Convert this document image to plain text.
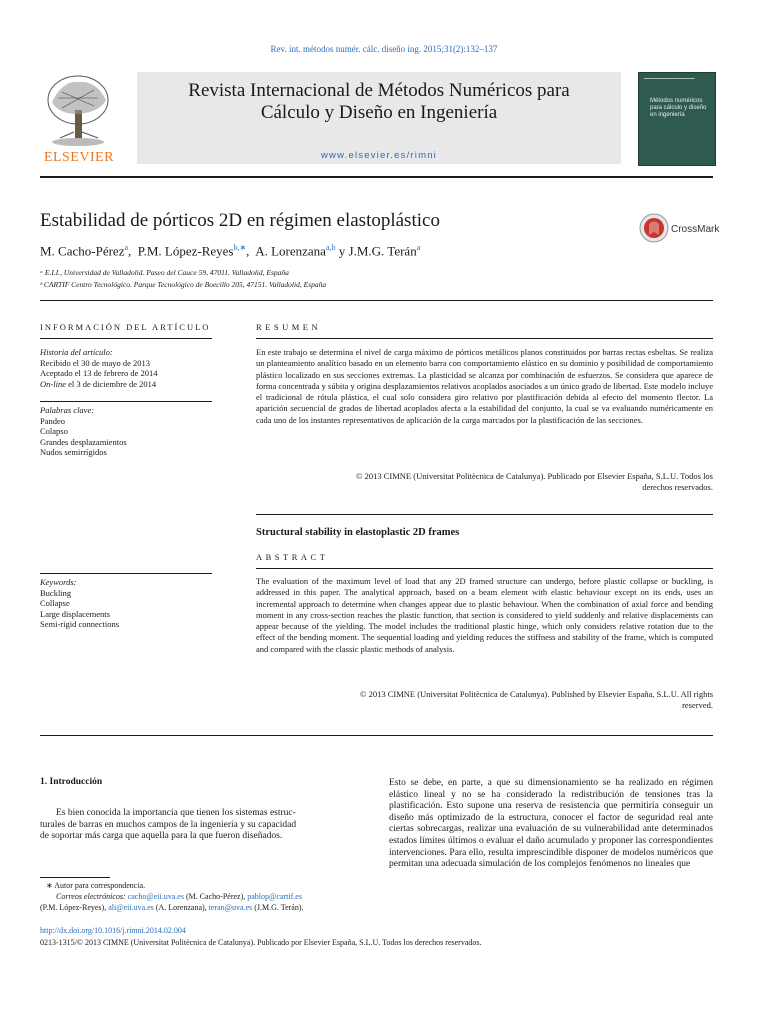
Rev. int. métodos numér. cálc. diseño ing. 2015;31(2):132–137
ELSEVIER
Revista Internacional de Métodos Numéricos para
Cálculo y Diseño en Ingeniería
www.elsevier.es/rimni
━━━━━━━━━━━━━━━━━━━━━
Métodos numéricos para cálculo y diseño en ingeniería
Estabilidad de pórticos 2D en régimen elastoplástico	CrossMark
M. Cacho-Pérez$^a$,  P.M. López-Reyes$^{b,∗}$,  A. Lorenzana$^{a,b}$ y J.M.G. Terán$^a$
ᵃ E.I.I., Universidad de Valladolid. Paseo del Cauce 59, 47011. Valladolid, España
ᵇ CARTIF Centro Tecnológico. Parque Tecnológico de Boecillo 205, 47151. Valladolid, España
INFORMACIÓN DEL ARTÍCULO
Historia del artículo:
Recibido el 30 de mayo de 2013
Aceptado el 13 de febrero de 2014
On-line el 3 de diciembre de 2014
Palabras clave:
Pandeo
Colapso
Grandes desplazamientos
Nudos semirrígidos
Keywords:
Buckling
Collapse
Large displacements
Semi-rigid connections
RESUMEN
En este trabajo se determina el nivel de carga máximo de pórticos metálicos planos constituidos por barras rectas esbeltas. Se realiza un planteamiento analítico basado en un elemento barra con comportamiento elástico en su dominio y posibilidad de comportamiento plástico localizado en sus secciones extremas. La plasticidad se alcanza por combinación de esfuerzos. Se considera que aparece de forma concentrada y súbita y origina desplazamientos relativos acoplados asociados a un único grado de libertad. Este modelo incluye el tradicional de rótula plástica, el cual solo considera giro relativo por plastificación debida al efecto del momento flector. La aparición secuencial de grados de libertad acoplados afecta a la estabilidad del conjunto, la cual se va evaluando numéricamente en cada uno de los instantes representativos de aplicación de la carga marcados por la plastificación de las secciones.
© 2013 CIMNE (Universitat Politècnica de Catalunya). Publicado por Elsevier España, S.L.U. Todos los
derechos reservados.
Structural stability in elastoplastic 2D frames
ABSTRACT
The evaluation of the maximum level of load that any 2D framed structure can undergo, before plastic collapse or buckling, is addressed in this paper. The analytical approach, based on a beam element with elastic behaviour except on its ends, uses an incremental approach to determine when changes appear due to plastic behaviour. When the combination of axial force and bending moment in any cross-section reaches the plastic function, that section is considered to yield suddenly and relative displacements can appear because of the yielding. The model includes the traditional plastic hinge, which only considers relative rotation due to the effect of the bending moment. The sequential loading and yielding reduces the stiffness and stability of the frame, which is computed and compared with the classic plastic methods of analysis.
© 2013 CIMNE (Universitat Politècnica de Catalunya). Published by Elsevier España, S.L.U. All rights
reserved.
1. Introducción
Es bien conocida la importancia que tienen los sistemas estruc-
turales de barras en muchos campos de la ingeniería y su capacidad
de soportar más carga que aquella para la que fueron diseñados.
Esto se debe, en parte, a que su dimensionamiento se ha realizado en régimen elástico lineal y no se ha considerado la redistribución de tensiones tras la plastificación. Esto supone una reserva de resistencia que permitiría conseguir un diseño más optimizado de la estructura, conocer el factor de seguridad real ante ciertas sobrecargas, realizar una evaluación de su vulnerabilidad ante determinados estados límites últimos o evaluar el daño acumulado y proponer las correspondientes intervenciones. Para ello, resulta imprescindible disponer de modelos numéricos que permitan una adecuada simulación de los complejos fenómenos no lineales que
∗ Autor para correspondencia.
Correos electrónicos: cacho@eii.uva.es (M. Cacho-Pérez), pablop@cartif.es
(P.M. López-Reyes), ali@eii.uva.es (A. Lorenzana), teran@uva.es (J.M.G. Terán).
http://dx.doi.org/10.1016/j.rimni.2014.02.004
0213-1315/© 2013 CIMNE (Universitat Politècnica de Catalunya). Publicado por Elsevier España, S.L.U. Todos los derechos reservados.
